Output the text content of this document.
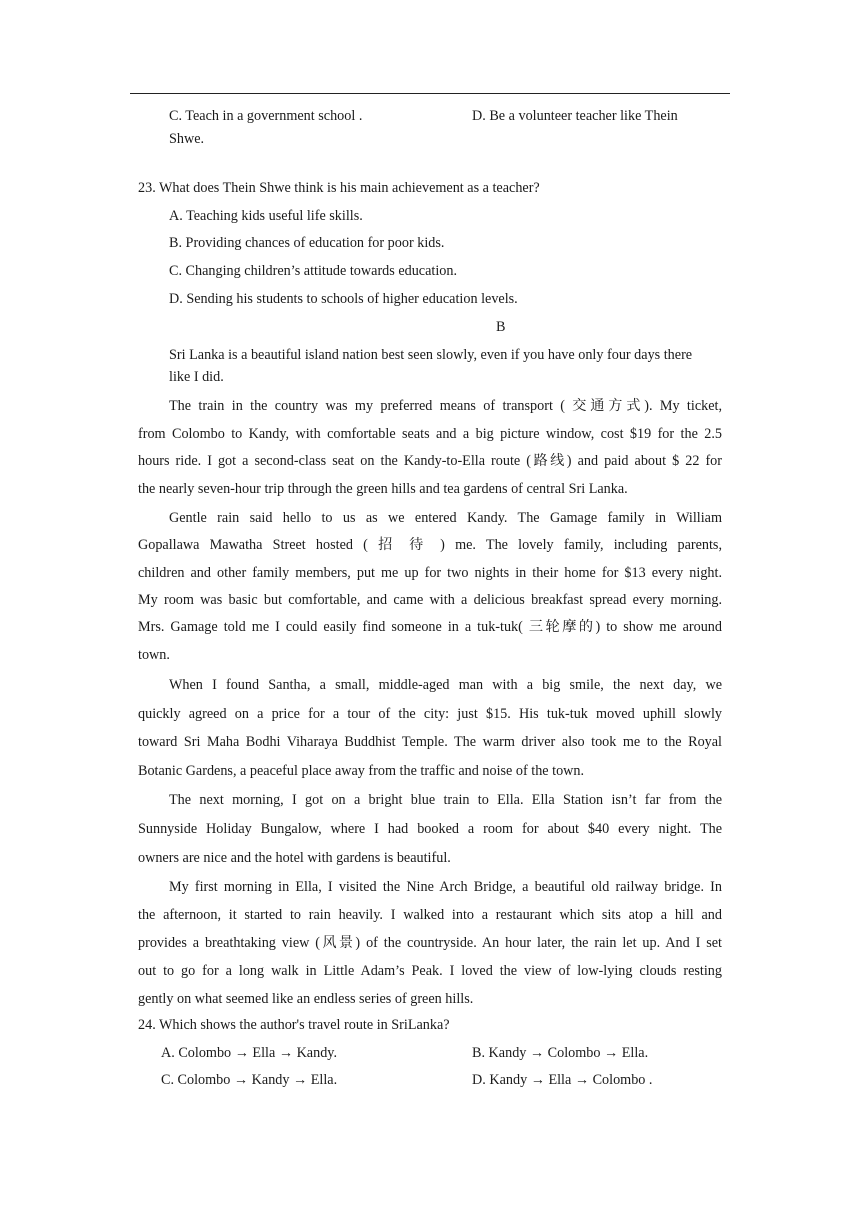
C. Teach in a government school .	D. Be a volunteer teacher like Thein
Shwe.
23. What does Thein Shwe think is his main achievement as a teacher?
A. Teaching kids useful life skills.
B. Providing chances of education for poor kids.
C. Changing children’s attitude towards education.
D. Sending his students to schools of higher education levels.
B
Sri Lanka is a beautiful island nation best seen slowly, even if you have only four days there
like I did.
The train in the country was my preferred means of transport ( 交通方式). My ticket,
from Colombo to Kandy, with comfortable seats and a big picture window, cost $19 for the 2.5
hours ride. I got a second-class seat on the Kandy-to-Ella route (路线) and paid about $ 22 for
the nearly seven-hour trip through the green hills and tea gardens of central Sri Lanka.
Gentle rain said hello to us as we entered Kandy. The Gamage family in William
Gopallawa Mawatha Street hosted ( 招 待 ) me. The lovely family, including parents,
children and other family members, put me up for two nights in their home for $13 every night.
My room was basic but comfortable, and came with a delicious breakfast spread every morning.
Mrs. Gamage told me I could easily find someone in a tuk-tuk( 三轮摩的) to show me around
town.
When I found Santha, a small, middle-aged man with a big smile, the next day, we
quickly agreed on a price for a tour of the city: just $15. His tuk-tuk moved uphill slowly
toward Sri Maha Bodhi Viharaya Buddhist Temple. The warm driver also took me to the Royal
Botanic Gardens, a peaceful place away from the traffic and noise of the town.
The next morning, I got on a bright blue train to Ella. Ella Station isn’t far from the
Sunnyside Holiday Bungalow, where I had booked a room for about $40 every night. The
owners are nice and the hotel with gardens is beautiful.
My first morning in Ella, I visited the Nine Arch Bridge, a beautiful old railway bridge. In
the afternoon, it started to rain heavily. I walked into a restaurant which sits atop a hill and
provides a breathtaking view (风景) of the countryside. An hour later, the rain let up. And I set
out to go for a long walk in Little Adam’s Peak. I loved the view of low-lying clouds resting
gently on what seemed like an endless series of green hills.
24. Which shows the author's travel route in SriLanka?
A. Colombo → Ella → Kandy.	B. Kandy → Colombo → Ella.
C. Colombo → Kandy → Ella.	D. Kandy → Ella → Colombo .
